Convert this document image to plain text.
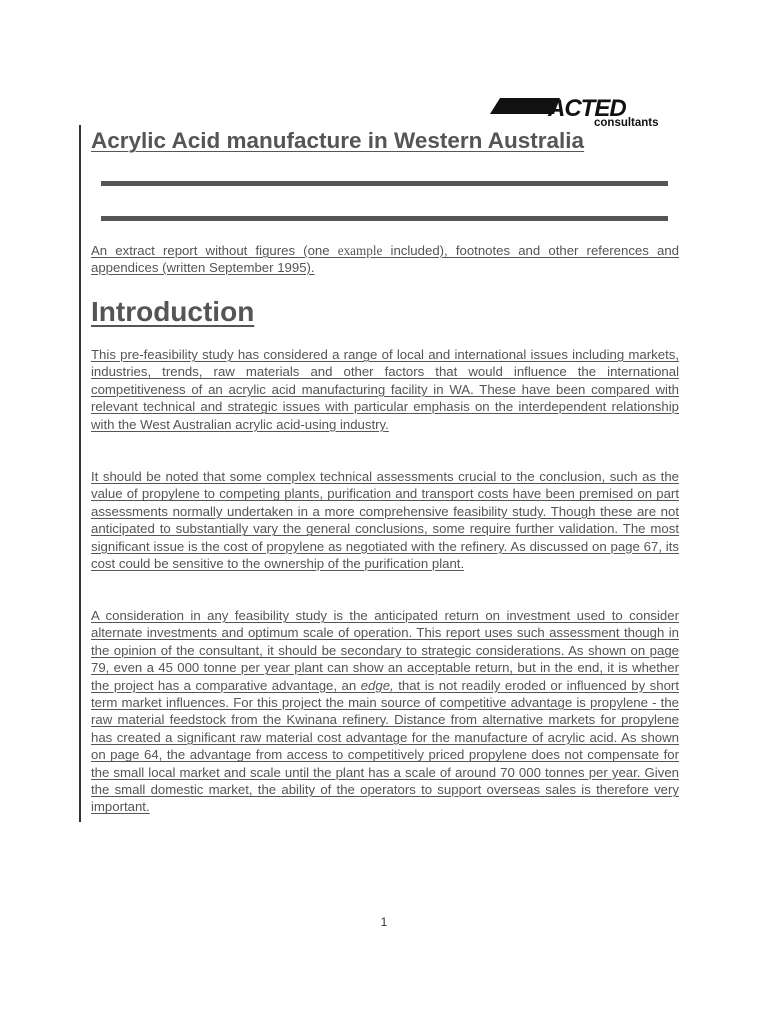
ACTED
consultants
Acrylic Acid manufacture in Western Australia

An extract report without figures (one example included), footnotes and other references and appendices (written September 1995).

Introduction

This pre-feasibility study has considered a range of local and international issues including markets, industries, trends, raw materials and other factors that would influence the international competitiveness of an acrylic acid manufacturing facility in WA. These have been compared with relevant technical and strategic issues with particular emphasis on the interdependent relationship with the West Australian acrylic acid-using industry.

It should be noted that some complex technical assessments crucial to the conclusion, such as the value of propylene to competing plants, purification and transport costs have been premised on part assessments normally undertaken in a more comprehensive feasibility study. Though these are not anticipated to substantially vary the general conclusions, some require further validation. The most significant issue is the cost of propylene as negotiated with the refinery. As discussed on page 67, its cost could be sensitive to the ownership of the purification plant.

A consideration in any feasibility study is the anticipated return on investment used to consider alternate investments and optimum scale of operation. This report uses such assessment though in the opinion of the consultant, it should be secondary to strategic considerations. As shown on page 79, even a 45 000 tonne per year plant can show an acceptable return, but in the end, it is whether the project has a comparative advantage, an edge, that is not readily eroded or influenced by short term market influences. For this project the main source of competitive advantage is propylene - the raw material feedstock from the Kwinana refinery. Distance from alternative markets for propylene has created a significant raw material cost advantage for the manufacture of acrylic acid. As shown on page 64, the advantage from access to competitively priced propylene does not compensate for the small local market and scale until the plant has a scale of around 70 000 tonnes per year. Given the small domestic market, the ability of the operators to support overseas sales is therefore very important.

1
